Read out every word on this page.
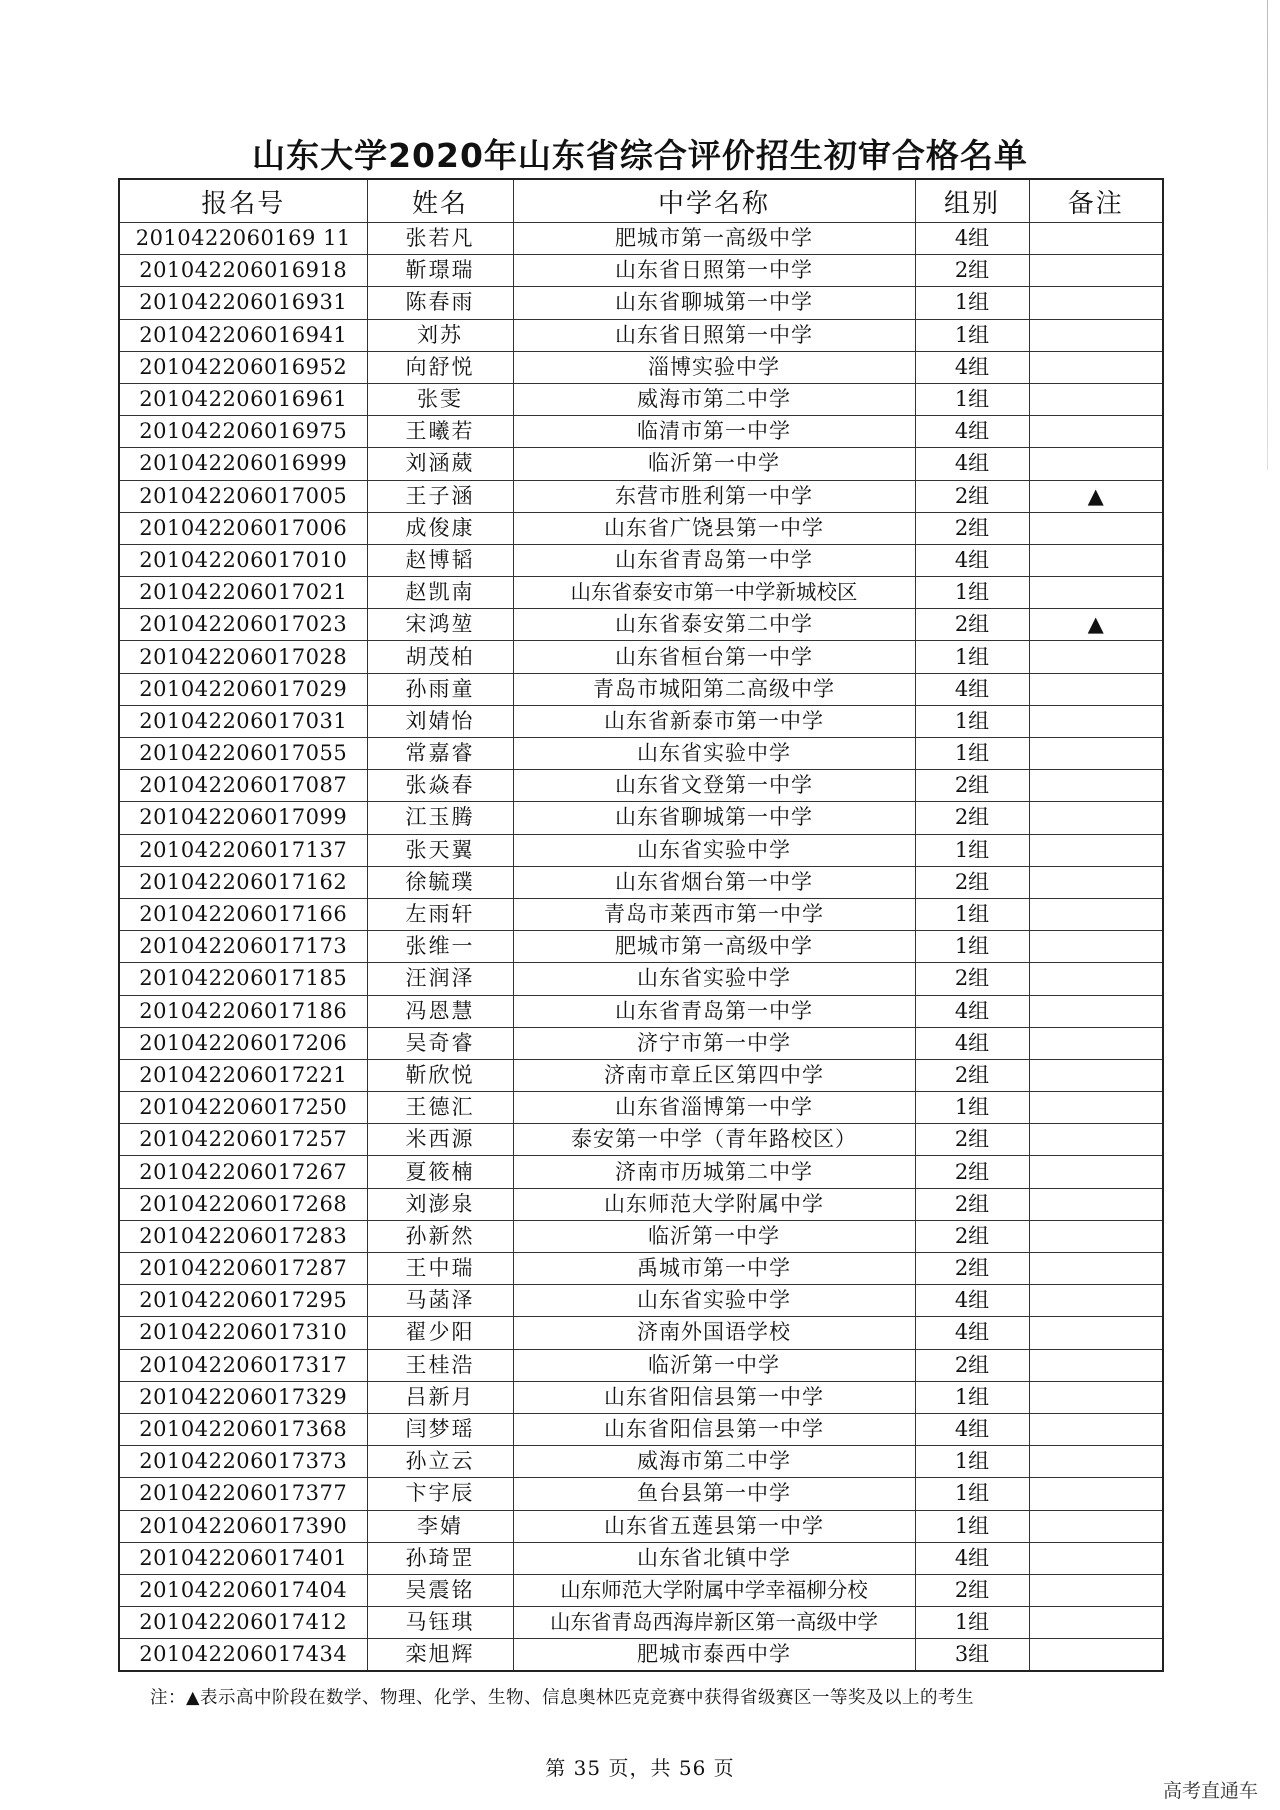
山东大学2020年山东省综合评价招生初审合格名单
报名号	姓名	中学名称	组别	备注
2010422060169 11	张若凡	肥城市第一高级中学	4组	
201042206016918	靳璟瑞	山东省日照第一中学	2组	
201042206016931	陈春雨	山东省聊城第一中学	1组	
201042206016941	刘苏	山东省日照第一中学	1组	
201042206016952	向舒悦	淄博实验中学	4组	
201042206016961	张雯	威海市第二中学	1组	
201042206016975	王曦若	临清市第一中学	4组	
201042206016999	刘涵葳	临沂第一中学	4组	
201042206017005	王子涵	东营市胜利第一中学	2组	▲
201042206017006	成俊康	山东省广饶县第一中学	2组	
201042206017010	赵博韬	山东省青岛第一中学	4组	
201042206017021	赵凯南	山东省泰安市第一中学新城校区	1组	
201042206017023	宋鸿堃	山东省泰安第二中学	2组	▲
201042206017028	胡茂柏	山东省桓台第一中学	1组	
201042206017029	孙雨童	青岛市城阳第二高级中学	4组	
201042206017031	刘婧怡	山东省新泰市第一中学	1组	
201042206017055	常嘉睿	山东省实验中学	1组	
201042206017087	张焱春	山东省文登第一中学	2组	
201042206017099	江玉腾	山东省聊城第一中学	2组	
201042206017137	张天翼	山东省实验中学	1组	
201042206017162	徐毓璞	山东省烟台第一中学	2组	
201042206017166	左雨轩	青岛市莱西市第一中学	1组	
201042206017173	张维一	肥城市第一高级中学	1组	
201042206017185	汪润泽	山东省实验中学	2组	
201042206017186	冯恩慧	山东省青岛第一中学	4组	
201042206017206	吴奇睿	济宁市第一中学	4组	
201042206017221	靳欣悦	济南市章丘区第四中学	2组	
201042206017250	王德汇	山东省淄博第一中学	1组	
201042206017257	米西源	泰安第一中学（青年路校区）	2组	
201042206017267	夏筱楠	济南市历城第二中学	2组	
201042206017268	刘澎泉	山东师范大学附属中学	2组	
201042206017283	孙新然	临沂第一中学	2组	
201042206017287	王中瑞	禹城市第一中学	2组	
201042206017295	马菡泽	山东省实验中学	4组	
201042206017310	翟少阳	济南外国语学校	4组	
201042206017317	王桂浩	临沂第一中学	2组	
201042206017329	吕新月	山东省阳信县第一中学	1组	
201042206017368	闫梦瑶	山东省阳信县第一中学	4组	
201042206017373	孙立云	威海市第二中学	1组	
201042206017377	卞宇辰	鱼台县第一中学	1组	
201042206017390	李婧	山东省五莲县第一中学	1组	
201042206017401	孙琦罡	山东省北镇中学	4组	
201042206017404	吴震铭	山东师范大学附属中学幸福柳分校	2组	
201042206017412	马钰琪	山东省青岛西海岸新区第一高级中学	1组	
201042206017434	栾旭辉	肥城市泰西中学	3组	
注：▲表示高中阶段在数学、物理、化学、生物、信息奥林匹克竞赛中获得省级赛区一等奖及以上的考生
第 35 页，共 56 页
高考直通车
